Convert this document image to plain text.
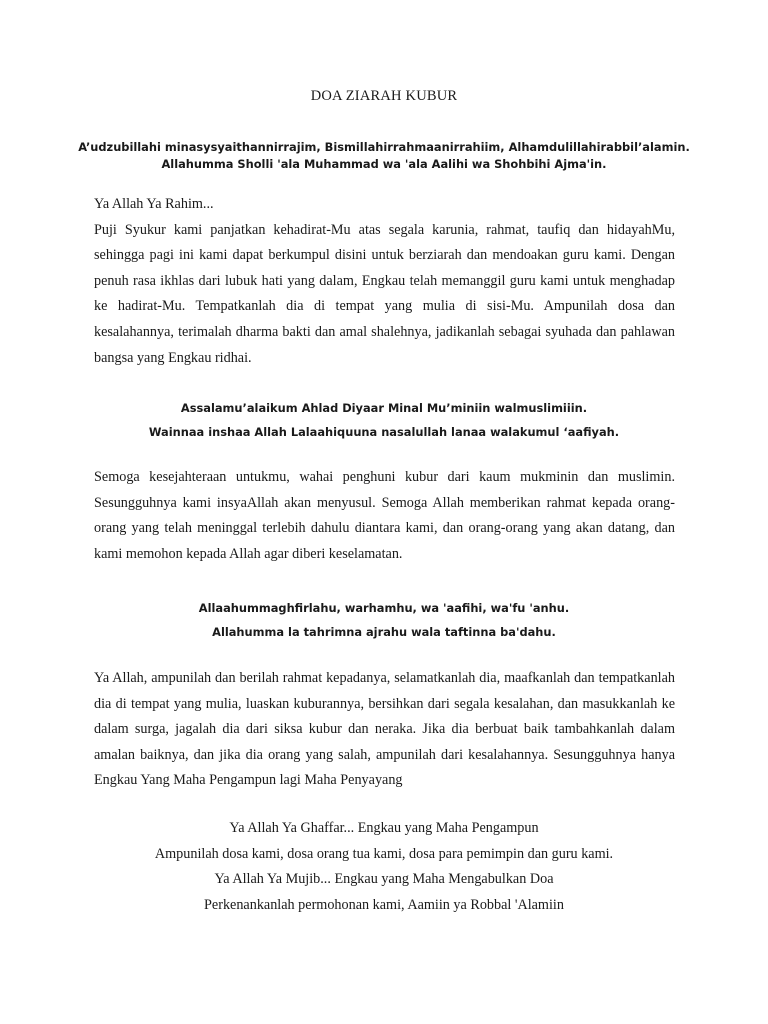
DOA ZIARAH KUBUR
A’udzubillahi minasysyaithannirrajim, Bismillahirrahmaanirrahiim, Alhamdulillahirabbil’alamin.
Allahumma Sholli 'ala Muhammad wa 'ala Aalihi wa Shohbihi Ajma'in.
Ya Allah Ya Rahim...
Puji Syukur kami panjatkan kehadirat-Mu atas segala karunia, rahmat, taufiq dan hidayahMu, sehingga pagi ini kami dapat berkumpul disini untuk berziarah dan mendoakan guru kami. Dengan penuh rasa ikhlas dari lubuk hati yang dalam, Engkau telah memanggil guru kami untuk menghadap ke hadirat-Mu. Tempatkanlah dia di tempat yang mulia di sisi-Mu. Ampunilah dosa dan kesalahannya, terimalah dharma bakti dan amal shalehnya, jadikanlah sebagai syuhada dan pahlawan bangsa yang Engkau ridhai.
Assalamu’alaikum Ahlad Diyaar Minal Mu’miniin walmuslimiiin.
Wainnaa inshaa Allah Lalaahiquuna nasalullah lanaa walakumul ‘aafiyah.
Semoga kesejahteraan untukmu, wahai penghuni kubur dari kaum mukminin dan muslimin. Sesungguhnya kami insyaAllah akan menyusul. Semoga Allah memberikan rahmat kepada orang-orang yang telah meninggal terlebih dahulu diantara kami, dan orang-orang yang akan datang, dan kami memohon kepada Allah agar diberi keselamatan.
Allaahummaghfirlahu, warhamhu, wa 'aafihi, wa'fu 'anhu.
Allahumma la tahrimna ajrahu wala taftinna ba'dahu.
Ya Allah, ampunilah dan berilah rahmat kepadanya, selamatkanlah dia, maafkanlah dan tempatkanlah dia di tempat yang mulia, luaskan kuburannya, bersihkan dari segala kesalahan, dan masukkanlah ke dalam surga, jagalah dia dari siksa kubur dan neraka. Jika dia berbuat baik tambahkanlah dalam amalan baiknya, dan jika dia orang yang salah, ampunilah dari kesalahannya. Sesungguhnya hanya Engkau Yang Maha Pengampun lagi Maha Penyayang
Ya Allah Ya Ghaffar... Engkau yang Maha Pengampun
Ampunilah dosa kami, dosa orang tua kami, dosa para pemimpin dan guru kami.
Ya Allah Ya Mujib... Engkau yang Maha Mengabulkan Doa
Perkenankanlah permohonan kami, Aamiin ya Robbal 'Alamiin
